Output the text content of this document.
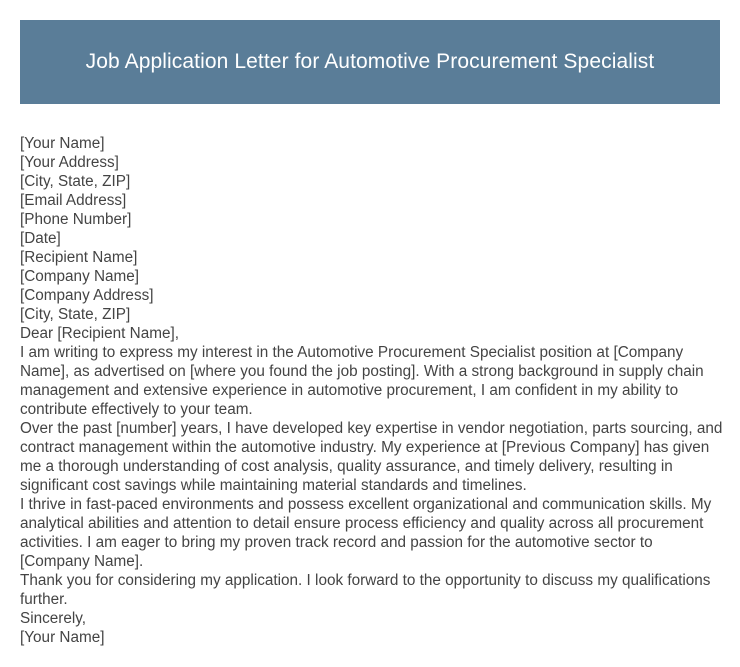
Job Application Letter for Automotive Procurement Specialist

[Your Name]

[Your Address]

[City, State, ZIP]

[Email Address]

[Phone Number]

[Date]

[Recipient Name]

[Company Name]

[Company Address]

[City, State, ZIP]

Dear [Recipient Name],

I am writing to express my interest in the Automotive Procurement Specialist position at [Company Name], as advertised on [where you found the job posting]. With a strong background in supply chain management and extensive experience in automotive procurement, I am confident in my ability to contribute effectively to your team.

Over the past [number] years, I have developed key expertise in vendor negotiation, parts sourcing, and contract management within the automotive industry. My experience at [Previous Company] has given me a thorough understanding of cost analysis, quality assurance, and timely delivery, resulting in significant cost savings while maintaining material standards and timelines.

I thrive in fast-paced environments and possess excellent organizational and communication skills. My analytical abilities and attention to detail ensure process efficiency and quality across all procurement activities. I am eager to bring my proven track record and passion for the automotive sector to [Company Name].

Thank you for considering my application. I look forward to the opportunity to discuss my qualifications further.

Sincerely,

[Your Name]
